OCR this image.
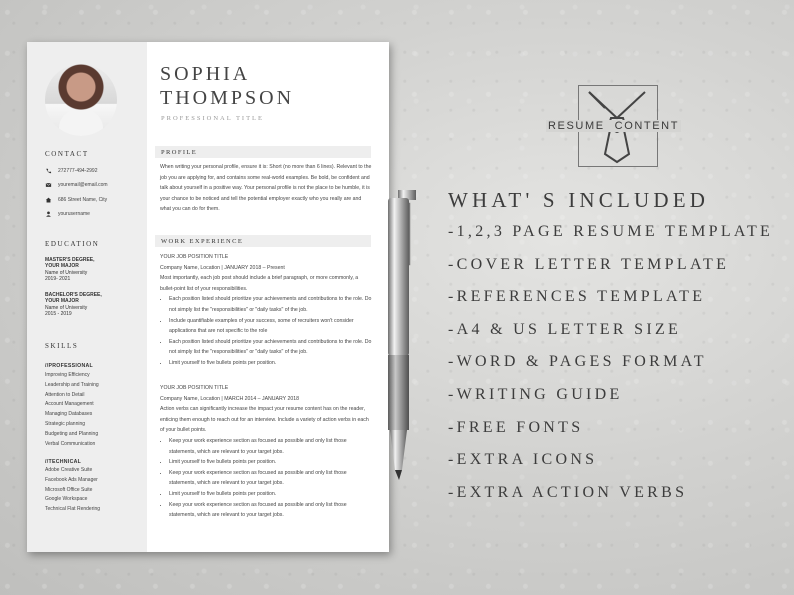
CONTACT
272777-494-2992
youremail@email.com
686 Street Name, City
yourusername
EDUCATION
MASTER'S DEGREE,
YOUR MAJOR
Name of University
2019- 2021
BACHELOR'S DEGREE,
YOUR MAJOR
Name of University
2015 - 2019
SKILLS
//PROFESSIONAL
Improving Efficiency
Leadership and Training
Attention to Detail
Account Management
Managing Databases
Strategic planning
Budgeting and Planning
Verbal Communication
//TECHNICAL
Adobe Creative Suite
Facebook Ads Manager
Microsoft Office Suite
Google Workspace
Technical Flat Rendering
SOPHIA
THOMPSON
PROFESSIONAL TITLE
PROFILE
When writing your personal profile, ensure it is: Short (no more than 6 lines). Relevant to the job you are applying for, and contains some real-world examples. Be bold, be confident and talk about yourself in a positive way. Your personal profile is not the place to be humble, it is your chance to be noticed and tell the potential employer exactly who you really are and what you can do for them.
WORK EXPERIENCE
YOUR JOB POSITION TITLE
Company Name, Location | JANUARY 2018 – Present
Most importantly, each job post should include a brief paragraph, or more commonly, a bullet-point list of your responsibilities.
• Each position listed should prioritize your achievements and contributions to the role. Do not simply list the "responsibilities" or "daily tasks" of the job.
• Include quantifiable examples of your success, some of recruiters won't consider applications that are not specific to the role
• Each position listed should prioritize your achievements and contributions to the role. Do not simply list the "responsibilities" or "daily tasks" of the job.
• Limit yourself to five bullets points per position.
YOUR JOB POSITION TITLE
Company Name, Location | MARCH 2014 – JANUARY 2018
Action verbs can significantly increase the impact your resume content has on the reader, enticing them enough to reach out for an interview. Include a variety of action verbs in each of your bullet points.
• Keep your work experience section as focused as possible and only list those statements, which are relevant to your target jobs.
• Limit yourself to five bullets points per position.
• Keep your work experience section as focused as possible and only list those statements, which are relevant to your target jobs.
• Limit yourself to five bullets points per position.
• Keep your work experience section as focused as possible and only list those statements, which are relevant to your target jobs.
RESUME CONTENT
WHAT' S INCLUDED
-1,2,3 PAGE RESUME TEMPLATE
-COVER LETTER TEMPLATE
-REFERENCES TEMPLATE
-A4 & US LETTER SIZE
-WORD & PAGES FORMAT
-WRITING GUIDE
-FREE FONTS
-EXTRA ICONS
-EXTRA ACTION VERBS
